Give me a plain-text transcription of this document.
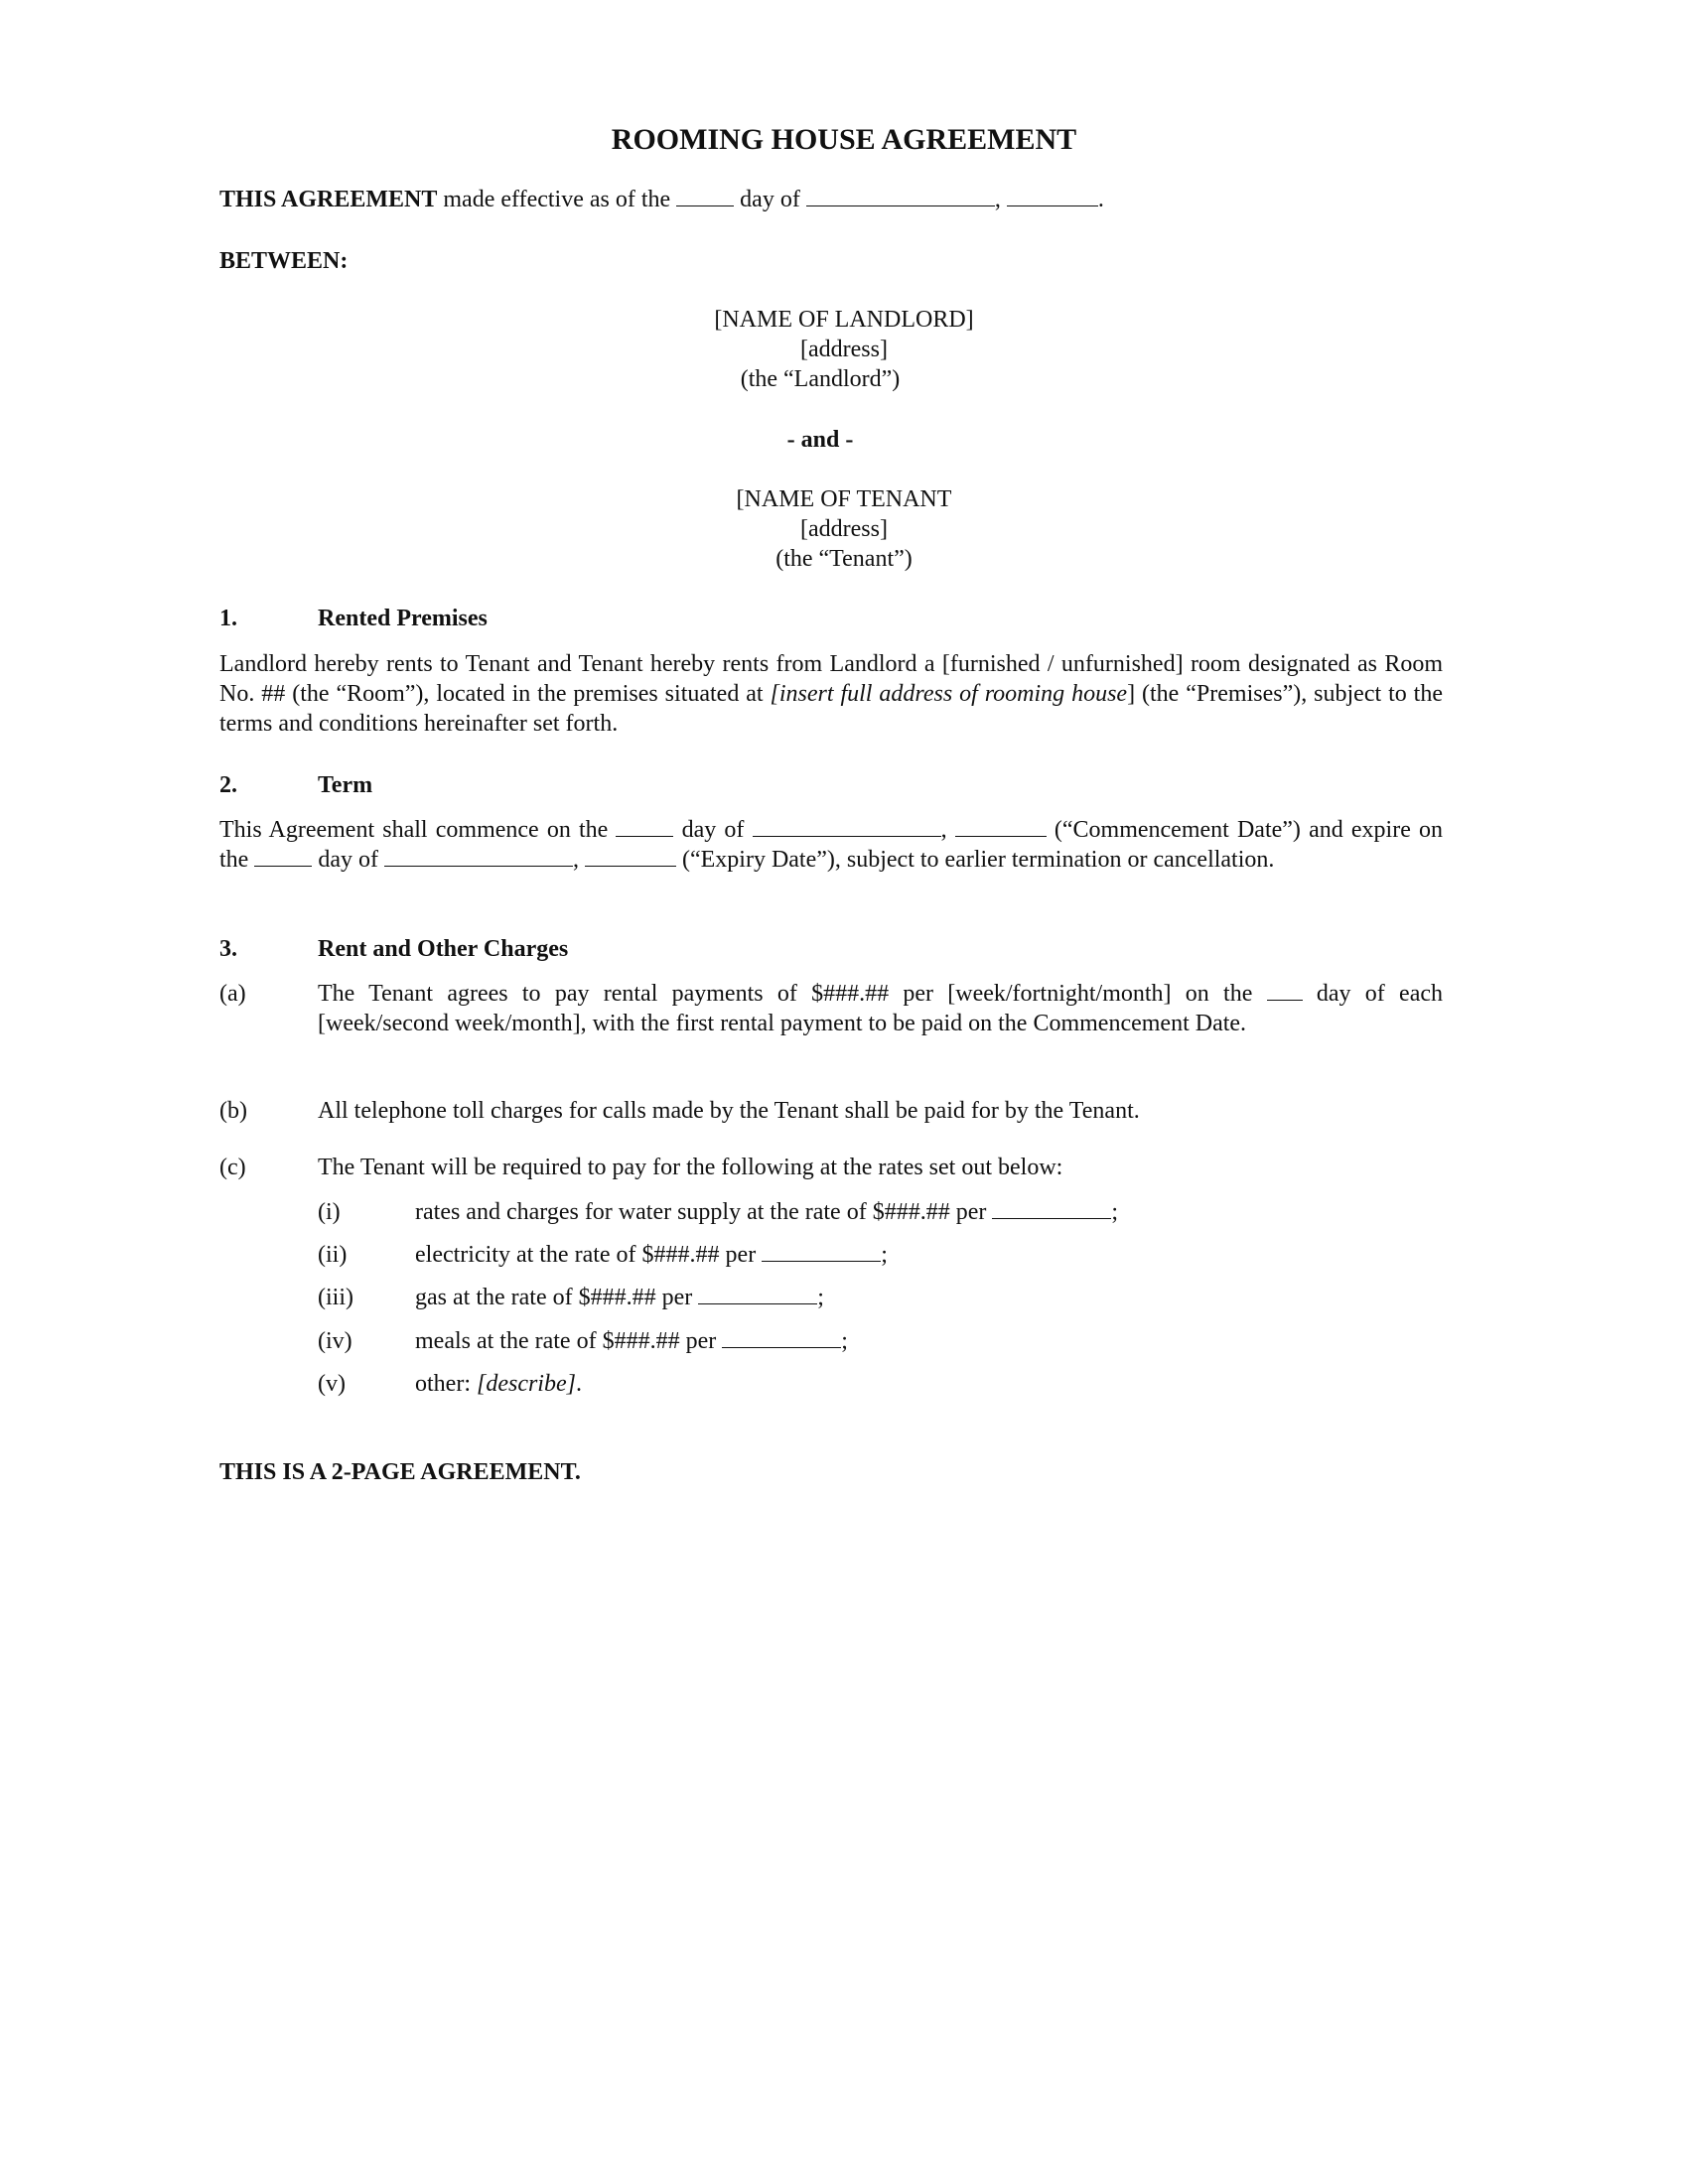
ROOMING HOUSE AGREEMENT
THIS AGREEMENT made effective as of the  day of	,	.
BETWEEN:
[NAME OF LANDLORD]
[address]
(the “Landlord”)
- and -
[NAME OF TENANT
[address]
(the “Tenant”)
1.	Rented Premises
Landlord hereby rents to Tenant and Tenant hereby rents from Landlord a [furnished / unfurnished] room designated as Room No. ## (the “Room”), located in the premises situated at [insert full address of rooming house] (the “Premises”), subject to the terms and conditions hereinafter set forth.
2.	Term
This Agreement shall commence on the  day of	,	(“Commencement Date”) and expire on the  day of	,	(“Expiry Date”), subject to earlier termination or cancellation.
3.	Rent and Other Charges
(a)	The Tenant agrees to pay rental payments of $###.## per [week/fortnight/month] on the  day of each [week/second week/month], with the first rental payment to be paid on the Commencement Date.
(b)	All telephone toll charges for calls made by the Tenant shall be paid for by the Tenant.
(c)	The Tenant will be required to pay for the following at the rates set out below:
(i)	rates and charges for water supply at the rate of $###.## per	;
(ii)	electricity at the rate of $###.## per	;
(iii)	gas at the rate of $###.## per	;
(iv)	meals at the rate of $###.## per	;
(v)	other: [describe].
THIS IS A 2-PAGE AGREEMENT.
